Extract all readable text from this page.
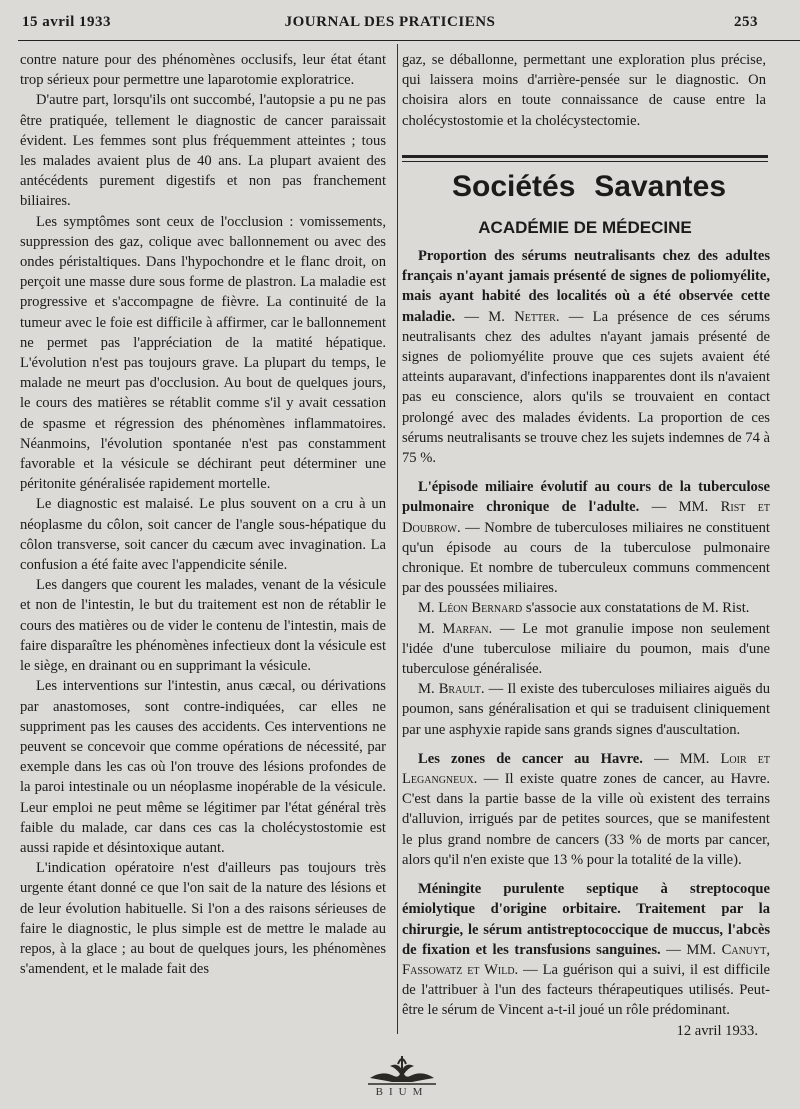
15 avril 1933	JOURNAL DES PRATICIENS	253

contre nature pour des phénomènes occlusifs, leur état étant trop sérieux pour permettre une laparotomie exploratrice.

D'autre part, lorsqu'ils ont succombé, l'autopsie a pu ne pas être pratiquée, tellement le diagnostic de cancer paraissait évident. Les femmes sont plus fréquemment atteintes ; tous les malades avaient plus de 40 ans. La plupart avaient des antécédents purement digestifs et non pas franchement biliaires.

Les symptômes sont ceux de l'occlusion : vomissements, suppression des gaz, colique avec ballonnement ou avec des ondes péristaltiques. Dans l'hypochondre et le flanc droit, on perçoit une masse dure sous forme de plastron. La maladie est progressive et s'accompagne de fièvre. La continuité de la tumeur avec le foie est difficile à affirmer, car le ballonnement ne permet pas l'appréciation de la matité hépatique. L'évolution n'est pas toujours grave. La plupart du temps, le malade ne meurt pas d'occlusion. Au bout de quelques jours, le cours des matières se rétablit comme s'il y avait cessation de spasme et régression des phénomènes inflammatoires. Néanmoins, l'évolution spontanée n'est pas constamment favorable et la vésicule se déchirant peut déterminer une péritonite généralisée rapidement mortelle.

Le diagnostic est malaisé. Le plus souvent on a cru à un néoplasme du côlon, soit cancer de l'angle sous-hépatique du côlon transverse, soit cancer du cæcum avec invagination. La confusion a été faite avec l'appendicite sénile.

Les dangers que courent les malades, venant de la vésicule et non de l'intestin, le but du traitement est non de rétablir le cours des matières ou de vider le contenu de l'intestin, mais de faire disparaître les phénomènes infectieux dont la vésicule est le siège, en drainant ou en supprimant la vésicule.

Les interventions sur l'intestin, anus cæcal, ou dérivations par anastomoses, sont contre-indiquées, car elles ne suppriment pas les causes des accidents. Ces interventions ne peuvent se concevoir que comme opérations de nécessité, par exemple dans les cas où l'on trouve des lésions profondes de la paroi intestinale ou un néoplasme inopérable de la vésicule. Leur emploi ne peut même se légitimer par l'état général très faible du malade, car dans ces cas la cholécystostomie est aussi rapide et désintoxique autant.

L'indication opératoire n'est d'ailleurs pas toujours très urgente étant donné ce que l'on sait de la nature des lésions et de leur évolution habituelle. Si l'on a des raisons sérieuses de faire le diagnostic, le plus simple est de mettre le malade au repos, à la glace ; au bout de quelques jours, les phénomènes s'amendent, et le malade fait des

gaz, se déballonne, permettant une exploration plus précise, qui laissera moins d'arrière-pensée sur le diagnostic. On choisira alors en toute connaissance de cause entre la cholécystostomie et la cholécystectomie.

Sociétés Savantes
ACADÉMIE DE MÉDECINE

Proportion des sérums neutralisants chez des adultes français n'ayant jamais présenté de signes de poliomyélite, mais ayant habité des localités où a été observée cette maladie. — M. Netter. — La présence de ces sérums neutralisants chez des adultes n'ayant jamais présenté de signes de poliomyélite prouve que ces sujets avaient été atteints auparavant, d'infections inapparentes dont ils n'avaient pas eu conscience, alors qu'ils se trouvaient en contact prolongé avec des malades évidents. La proportion de ces sérums neutralisants se trouve chez les sujets indemnes de 74 à 75 %.

L'épisode miliaire évolutif au cours de la tuberculose pulmonaire chronique de l'adulte. — MM. Rist et Doubrow. — Nombre de tuberculoses miliaires ne constituent qu'un épisode au cours de la tuberculose pulmonaire chronique. Et nombre de tuberculeux communs commencent par des poussées miliaires.

M. Léon Bernard s'associe aux constatations de M. Rist.

M. Marfan. — Le mot granulie impose non seulement l'idée d'une tuberculose miliaire du poumon, mais d'une tuberculose généralisée.

M. Brault. — Il existe des tuberculoses miliaires aiguës du poumon, sans généralisation et qui se traduisent cliniquement par une asphyxie rapide sans grands signes d'auscultation.

Les zones de cancer au Havre. — MM. Loir et Legangneux. — Il existe quatre zones de cancer, au Havre. C'est dans la partie basse de la ville où existent des terrains d'alluvion, irrigués par de petites sources, que se manifestent le plus grand nombre de cancers (33 % de morts par cancer, alors qu'il n'en existe que 13 % pour la totalité de la ville).

Méningite purulente septique à streptocoque émiolytique d'origine orbitaire. Traitement par la chirurgie, le sérum antistreptococcique de muccus, l'abcès de fixation et les transfusions sanguines. — MM. Canuyt, Fassowatz et Wild. — La guérison qui a suivi, il est difficile de l'attribuer à l'un des facteurs thérapeutiques utilisés. Peut-être le sérum de Vincent a-t-il joué un rôle prédominant.

12 avril 1933.

BIUM
